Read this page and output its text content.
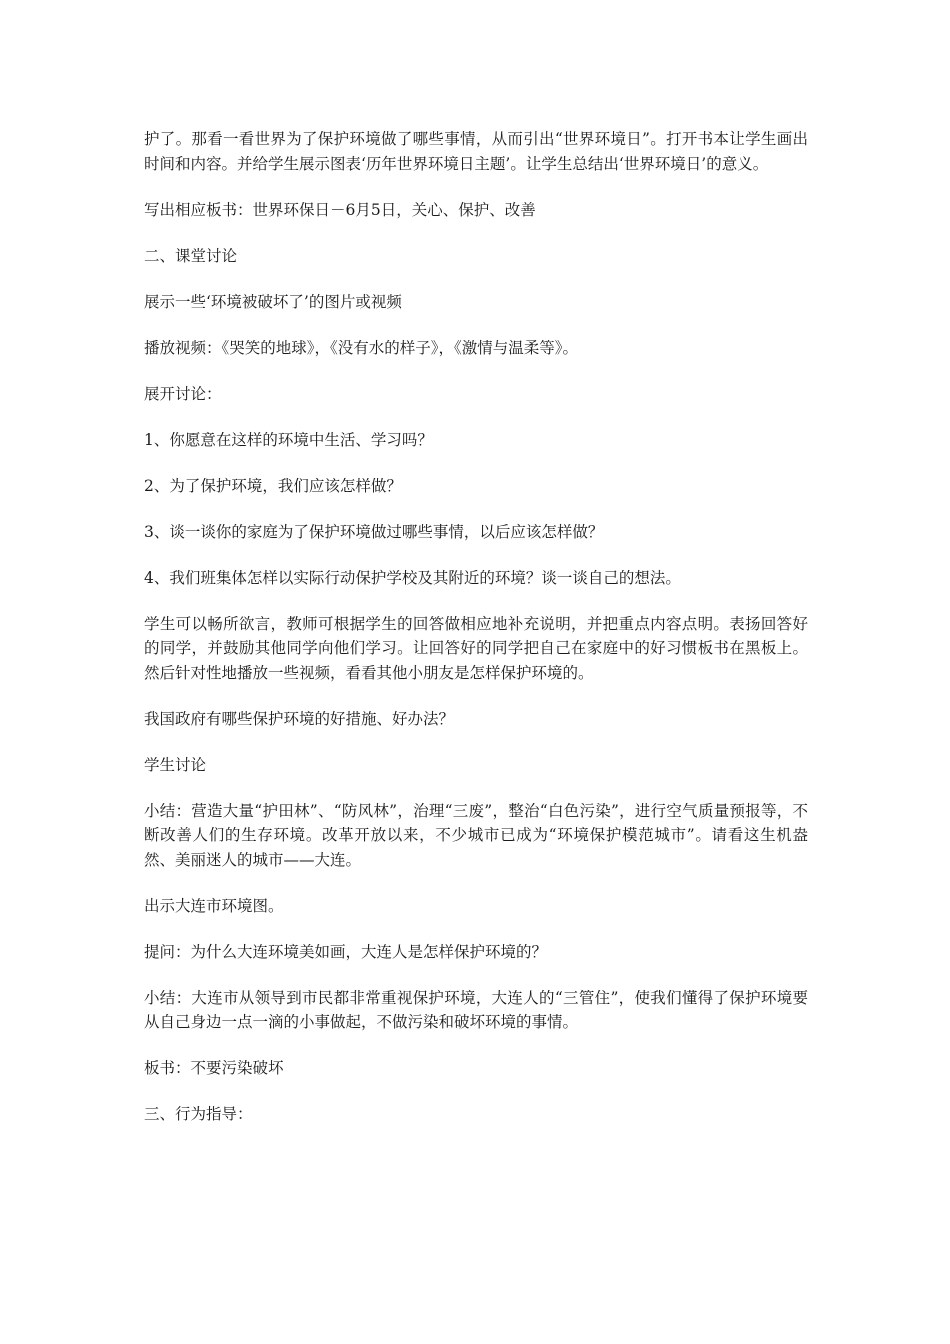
护了。那看一看世界为了保护环境做了哪些事情，从而引出“世界环境日”。打开书本让学生画出时间和内容。并给学生展示图表‘历年世界环境日主题’。让学生总结出‘世界环境日’的意义。

写出相应板书：世界环保日－6月5日，关心、保护、改善

二、课堂讨论

展示一些‘环境被破坏了’的图片或视频

播放视频：《哭笑的地球》，《没有水的样子》，《激情与温柔等》。

展开讨论：

1、你愿意在这样的环境中生活、学习吗？

2、为了保护环境，我们应该怎样做？

3、谈一谈你的家庭为了保护环境做过哪些事情，以后应该怎样做？

4、我们班集体怎样以实际行动保护学校及其附近的环境？谈一谈自己的想法。

学生可以畅所欲言，教师可根据学生的回答做相应地补充说明，并把重点内容点明。表扬回答好的同学，并鼓励其他同学向他们学习。让回答好的同学把自己在家庭中的好习惯板书在黑板上。然后针对性地播放一些视频，看看其他小朋友是怎样保护环境的。

我国政府有哪些保护环境的好措施、好办法？

学生讨论

小结：营造大量“护田林”、“防风林”，治理“三废”，整治“白色污染”，进行空气质量预报等，不断改善人们的生存环境。改革开放以来，不少城市已成为“环境保护模范城市”。请看这生机盎然、美丽迷人的城市——大连。

出示大连市环境图。

提问：为什么大连环境美如画，大连人是怎样保护环境的？

小结：大连市从领导到市民都非常重视保护环境，大连人的“三管住”，使我们懂得了保护环境要从自己身边一点一滴的小事做起，不做污染和破坏环境的事情。

板书：不要污染破坏

三、行为指导：
